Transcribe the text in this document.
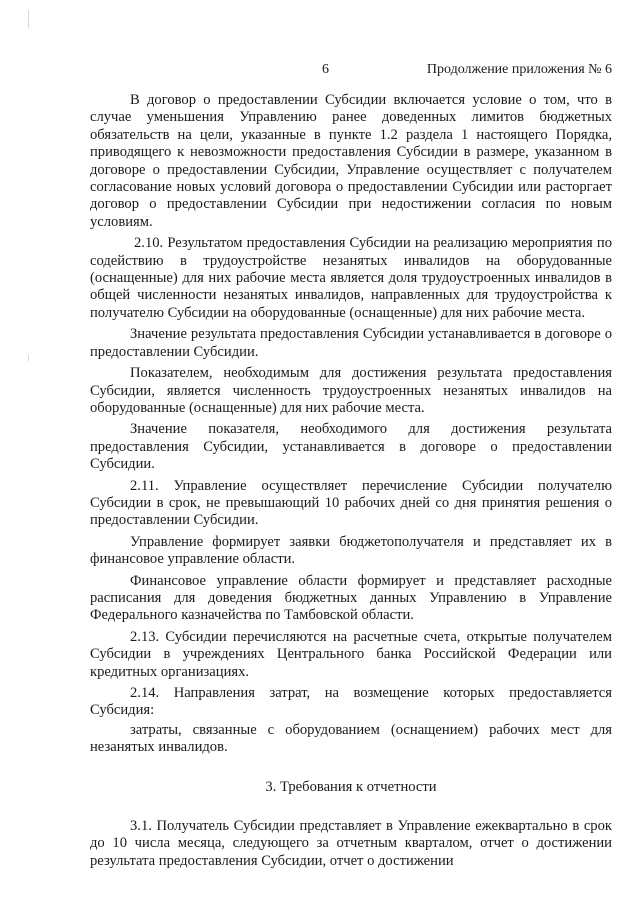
6	Продолжение приложения № 6

В договор о предоставлении Субсидии включается условие о том, что в случае уменьшения Управлению ранее доведенных лимитов бюджетных обязательств на цели, указанные в пункте 1.2 раздела 1 настоящего Порядка, приводящего к невозможности предоставления Субсидии в размере, указанном в договоре о предоставлении Субсидии, Управление осуществляет с получателем согласование новых условий договора о предоставлении Субсидии или расторгает договор о предоставлении Субсидии при недостижении согласия по новым условиям.

2.10. Результатом предоставления Субсидии на реализацию мероприятия по содействию в трудоустройстве незанятых инвалидов на оборудованные (оснащенные) для них рабочие места является доля трудоустроенных инвалидов в общей численности незанятых инвалидов, направленных для трудоустройства к получателю Субсидии на оборудованные (оснащенные) для них рабочие места.

Значение результата предоставления Субсидии устанавливается в договоре о предоставлении Субсидии.

Показателем, необходимым для достижения результата предоставления Субсидии, является численность трудоустроенных незанятых инвалидов на оборудованные (оснащенные) для них рабочие места.

Значение показателя, необходимого для достижения результата предоставления Субсидии, устанавливается в договоре о предоставлении Субсидии.

2.11. Управление осуществляет перечисление Субсидии получателю Субсидии в срок, не превышающий 10 рабочих дней со дня принятия решения о предоставлении Субсидии.

Управление формирует заявки бюджетополучателя и представляет их в финансовое управление области.

Финансовое управление области формирует и представляет расходные расписания для доведения бюджетных данных Управлению в Управление Федерального казначейства по Тамбовской области.

2.13. Субсидии перечисляются на расчетные счета, открытые получателем Субсидии в учреждениях Центрального банка Российской Федерации или кредитных организациях.

2.14. Направления затрат, на возмещение которых предоставляется Субсидия:

затраты, связанные с оборудованием (оснащением) рабочих мест для незанятых инвалидов.

3. Требования к отчетности

3.1. Получатель Субсидии представляет в Управление ежеквартально в срок до 10 числа месяца, следующего за отчетным кварталом, отчет о достижении результата предоставления Субсидии, отчет о достижении
